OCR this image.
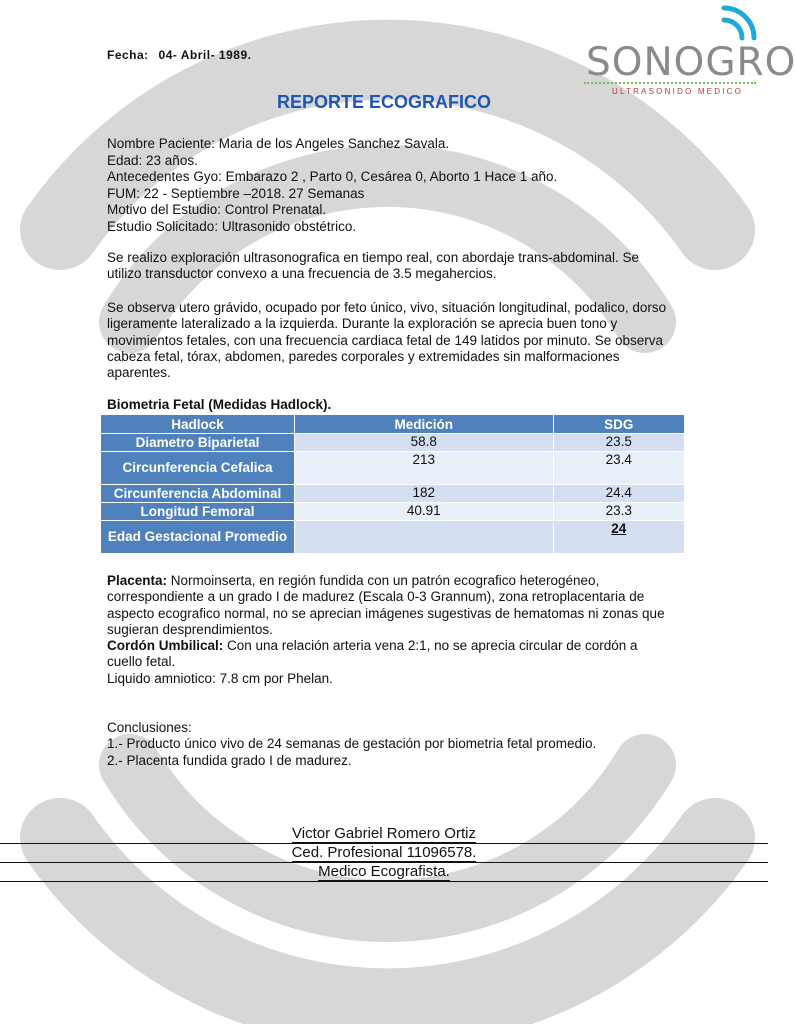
Fecha: 04- Abril- 1989.	SONOGRO
ULTRASONIDO MEDICO
REPORTE ECOGRAFICO
Nombre Paciente: Maria de los Angeles Sanchez Savala.
Edad: 23 años.
Antecedentes Gyo: Embarazo 2 , Parto 0, Cesárea 0, Aborto 1 Hace 1 año.
FUM: 22 - Septiembre –2018. 27 Semanas
Motivo del Estudio: Control Prenatal.
Estudio Solicitado: Ultrasonido obstétrico.
Se realizo exploración ultrasonografica en tiempo real, con abordaje trans-abdominal. Se utilizo transductor convexo a una frecuencia de 3.5 megahercios.
Se observa utero grávido, ocupado por feto único, vivo, situación longitudinal, podalico, dorso ligeramente lateralizado a la izquierda. Durante la exploración se aprecia buen tono y movimientos fetales, con una frecuencia cardiaca fetal de 149 latidos por minuto. Se observa cabeza fetal, tórax, abdomen, paredes corporales y extremidades sin malformaciones aparentes.
Biometria Fetal (Medidas Hadlock).
Hadlock	Medición	SDG
Diametro Biparietal	58.8	23.5
Circunferencia Cefalica	213	23.4
Circunferencia Abdominal	182	24.4
Longitud Femoral	40.91	23.3
Edad Gestacional Promedio		24
Placenta: Normoinserta, en región fundida con un patrón ecografico heterogéneo, correspondiente a un grado I de madurez (Escala 0-3 Grannum), zona retroplacentaria de aspecto ecografico normal, no se aprecian imágenes sugestivas de hematomas ni zonas que sugieran desprendimientos.
Cordón Umbilical: Con una relación arteria vena 2:1, no se aprecia circular de cordón a cuello fetal.
Liquido amniotico: 7.8 cm por Phelan.
Conclusiones:
1.- Producto único vivo de 24 semanas de gestación por biometria fetal promedio.
2.- Placenta fundida grado I de madurez.
Victor Gabriel Romero Ortiz
Ced. Profesional 11096578.
Medico Ecografista.
